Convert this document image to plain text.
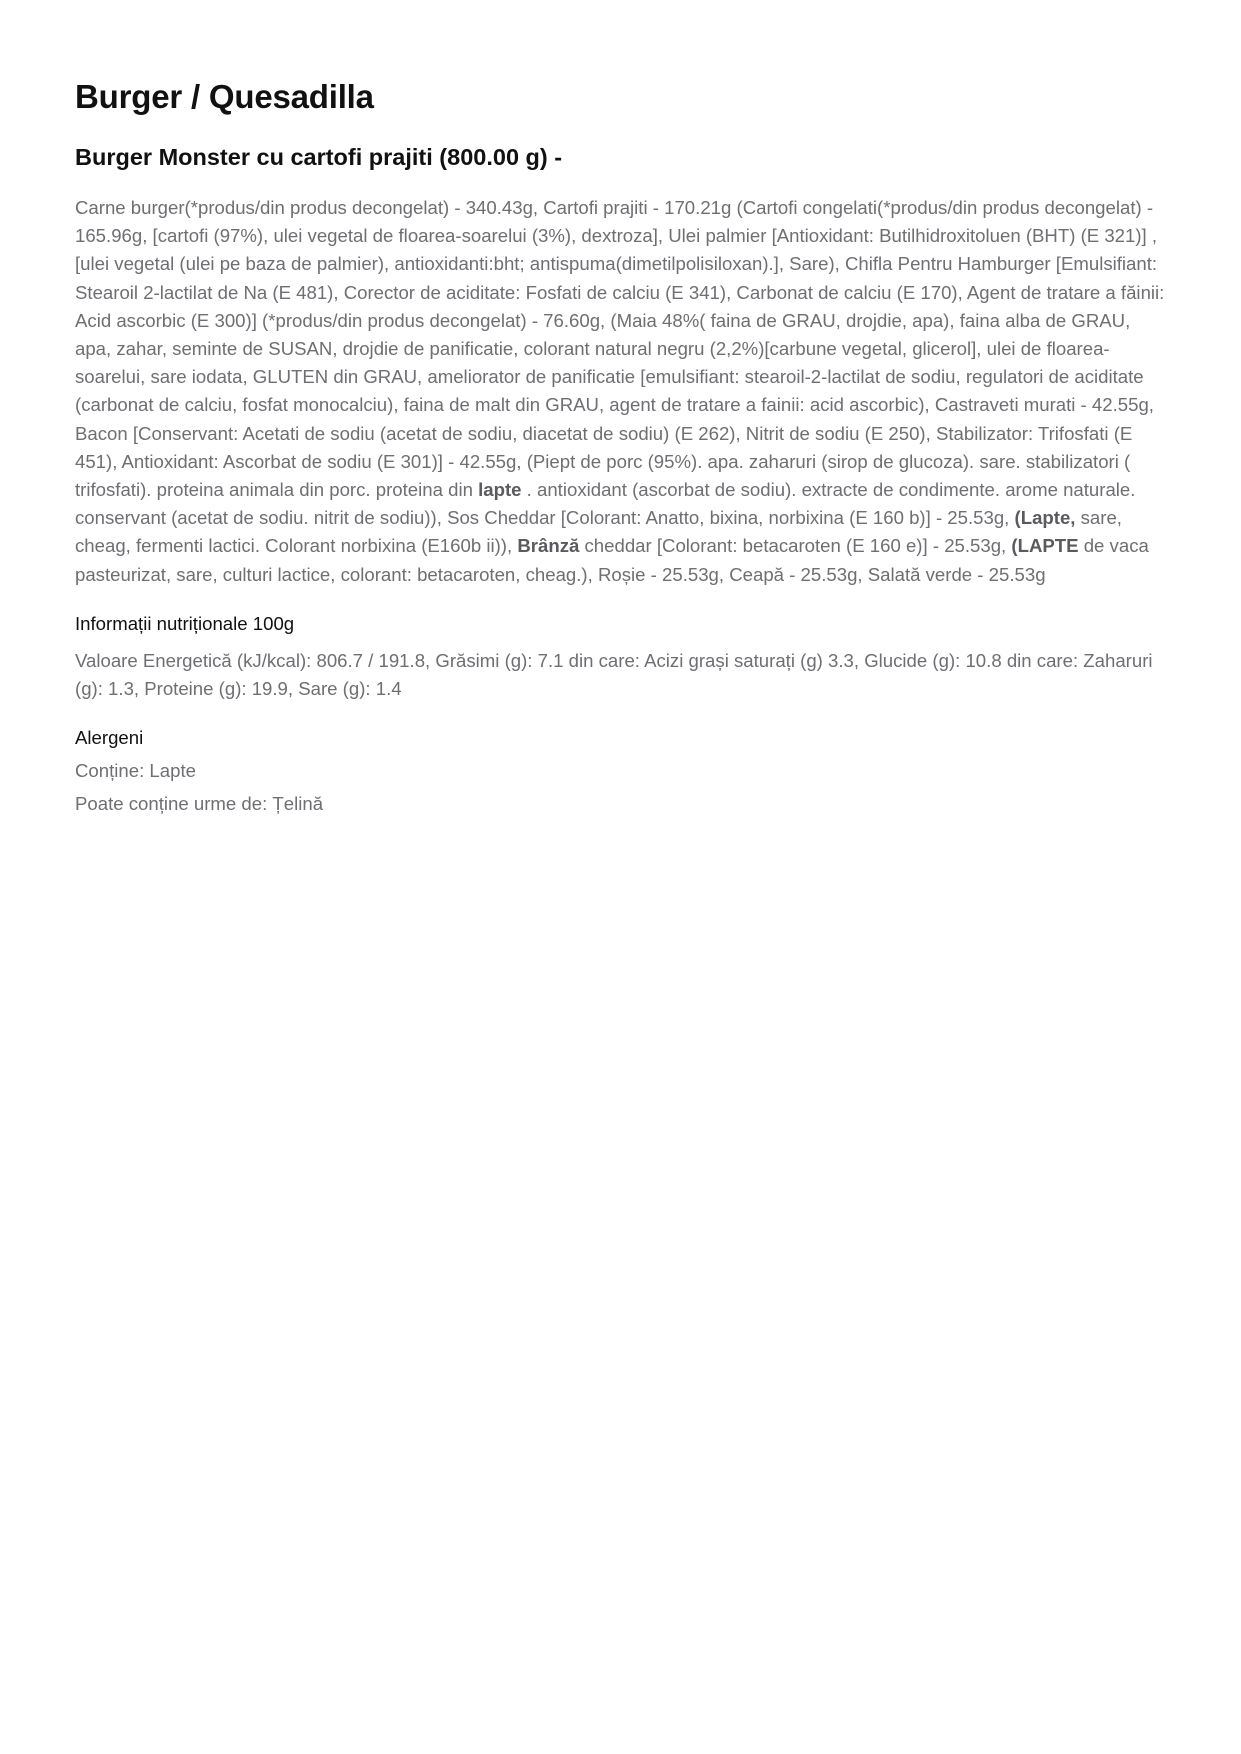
Burger / Quesadilla
Burger Monster cu cartofi prajiti (800.00 g) -
Carne burger(*produs/din produs decongelat) - 340.43g, Cartofi prajiti - 170.21g (Cartofi congelati(*produs/din produs decongelat) - 165.96g, [cartofi (97%), ulei vegetal de floarea-soarelui (3%), dextroza], Ulei palmier [Antioxidant: Butilhidroxitoluen (BHT) (E 321)] , [ulei vegetal (ulei pe baza de palmier), antioxidanti:bht; antispuma(dimetilpolisiloxan).], Sare), Chifla Pentru Hamburger [Emulsifiant: Stearoil 2-lactilat de Na (E 481), Corector de aciditate: Fosfati de calciu (E 341), Carbonat de calciu (E 170), Agent de tratare a făinii: Acid ascorbic (E 300)] (*produs/din produs decongelat) - 76.60g, (Maia 48%( faina de GRAU, drojdie, apa), faina alba de GRAU, apa, zahar, seminte de SUSAN, drojdie de panificatie, colorant natural negru (2,2%)[carbune vegetal, glicerol], ulei de floarea-soarelui, sare iodata, GLUTEN din GRAU, ameliorator de panificatie [emulsifiant: stearoil-2-lactilat de sodiu, regulatori de aciditate (carbonat de calciu, fosfat monocalciu), faina de malt din GRAU, agent de tratare a fainii: acid ascorbic), Castraveti murati - 42.55g, Bacon [Conservant: Acetati de sodiu (acetat de sodiu, diacetat de sodiu) (E 262), Nitrit de sodiu (E 250), Stabilizator: Trifosfati (E 451), Antioxidant: Ascorbat de sodiu (E 301)] - 42.55g, (Piept de porc (95%). apa. zaharuri (sirop de glucoza). sare. stabilizatori ( trifosfati). proteina animala din porc. proteina din lapte . antioxidant (ascorbat de sodiu). extracte de condimente. arome naturale. conservant (acetat de sodiu. nitrit de sodiu)), Sos Cheddar [Colorant: Anatto, bixina, norbixina (E 160 b)] - 25.53g, (Lapte, sare, cheag, fermenti lactici. Colorant norbixina (E160b ii)), Brânză cheddar [Colorant: betacaroten (E 160 e)] - 25.53g, (LAPTE de vaca pasteurizat, sare, culturi lactice, colorant: betacaroten, cheag.), Roșie - 25.53g, Ceapă - 25.53g, Salată verde - 25.53g
Informații nutriționale 100g
Valoare Energetică (kJ/kcal): 806.7 / 191.8, Grăsimi (g): 7.1 din care: Acizi grași saturați (g) 3.3, Glucide (g): 10.8 din care: Zaharuri (g): 1.3, Proteine (g): 19.9, Sare (g): 1.4
Alergeni
Conține: Lapte
Poate conține urme de: Țelină
